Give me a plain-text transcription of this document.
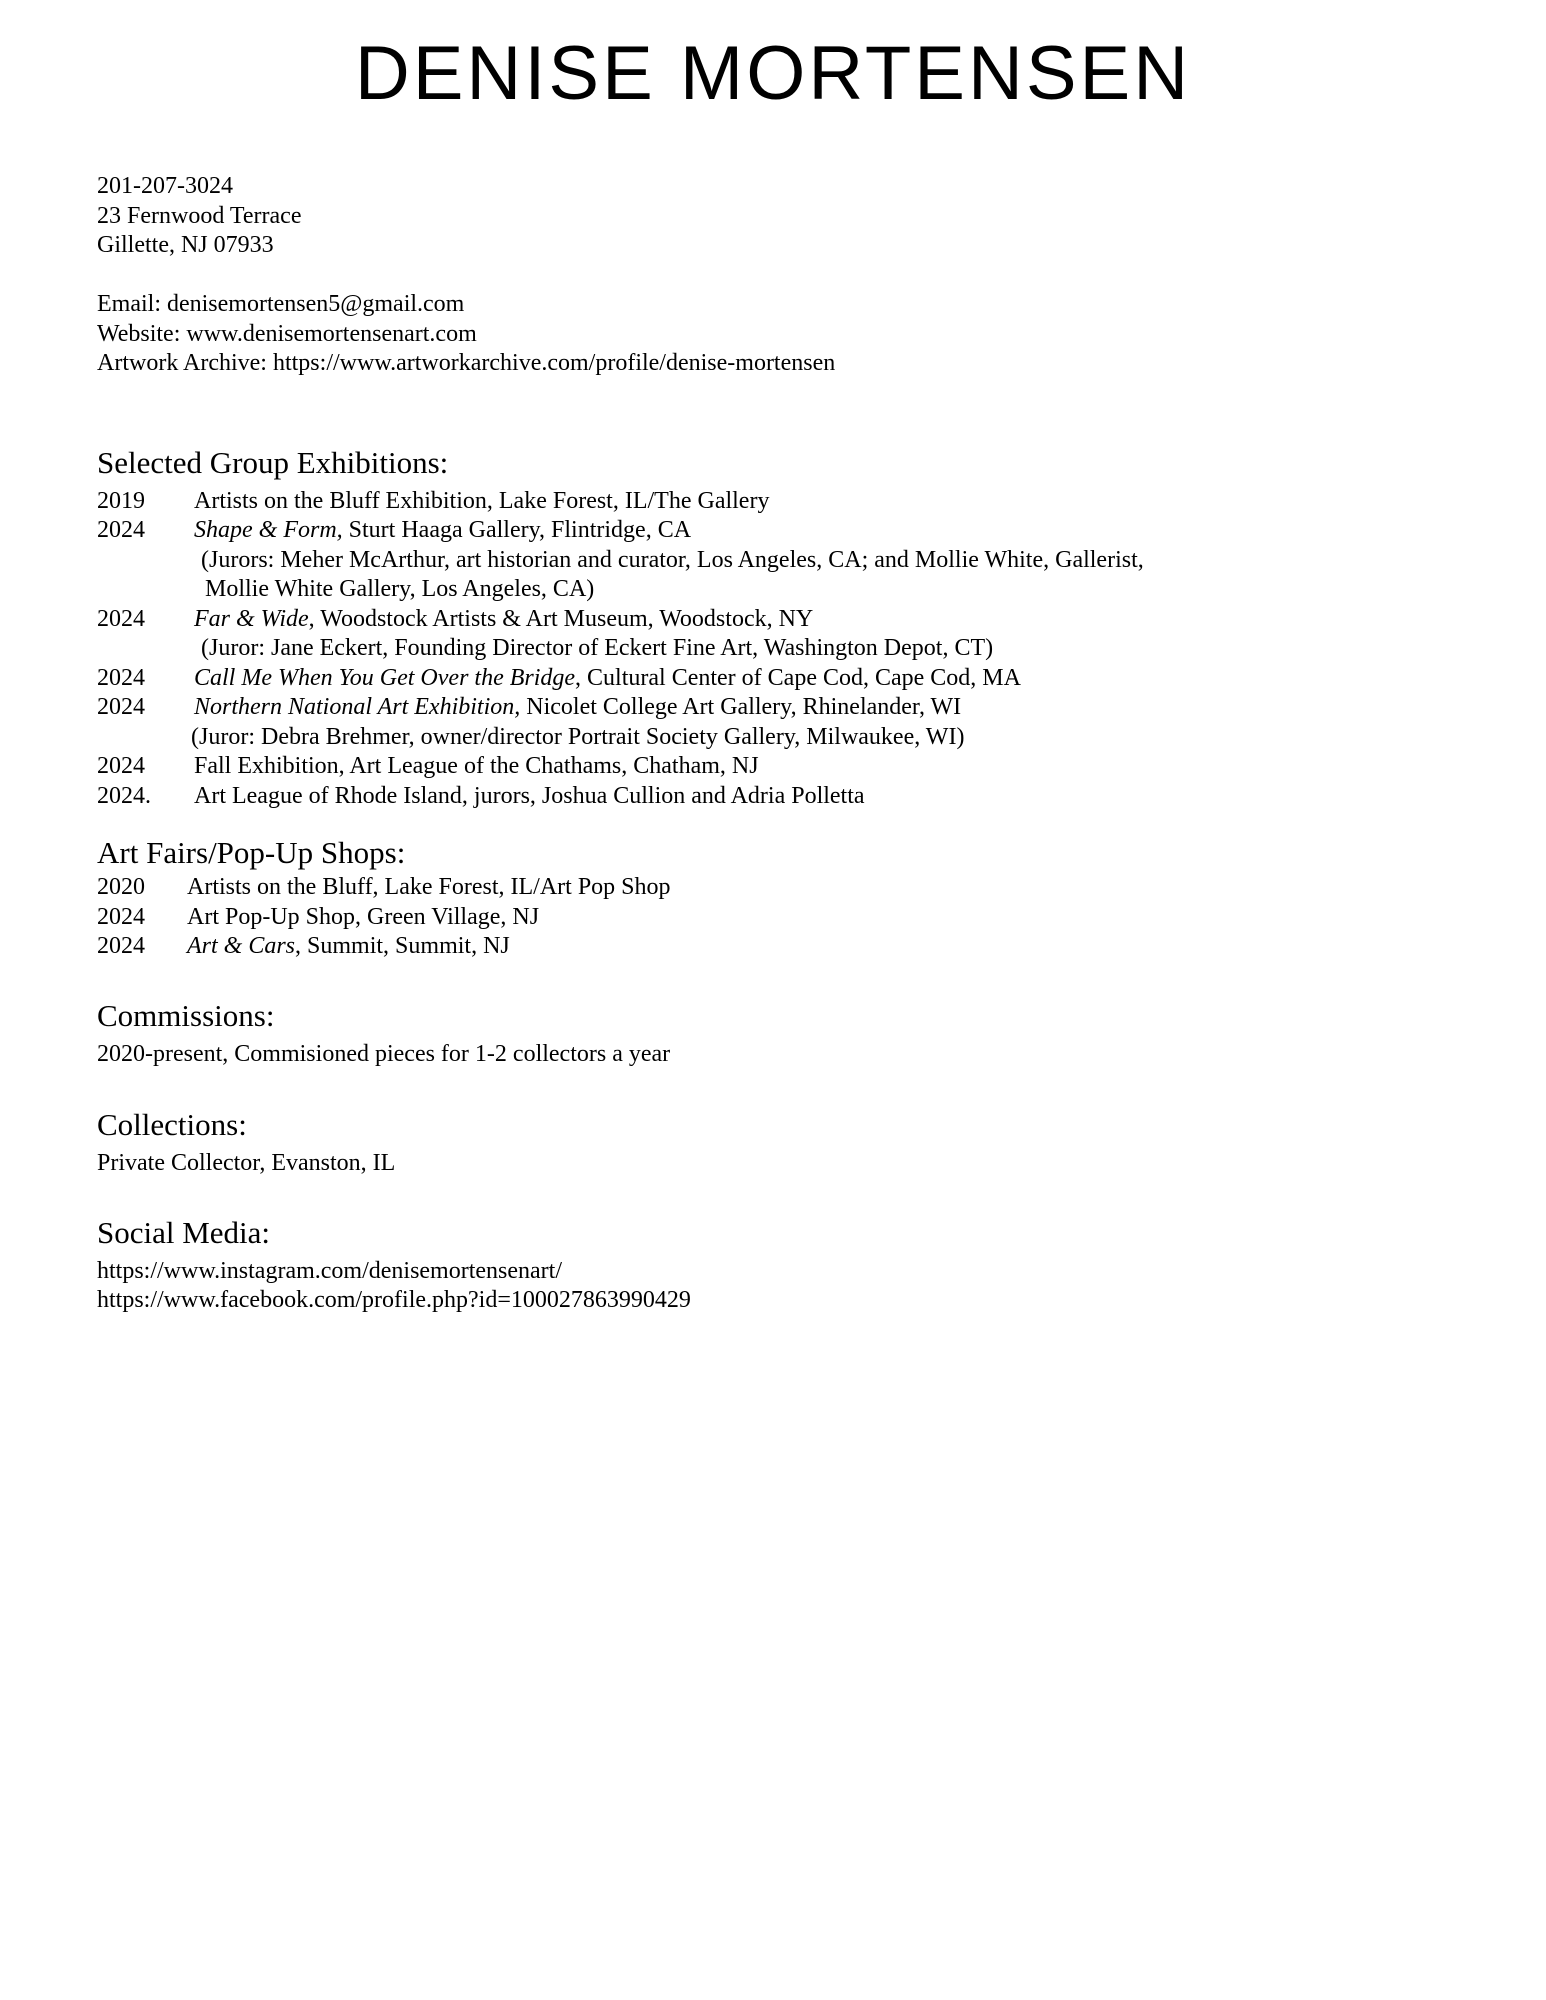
DENISE MORTENSEN
201-207-3024
23 Fernwood Terrace
Gillette, NJ 07933
Email: denisemortensen5@gmail.com
Website: www.denisemortensenart.com
Artwork Archive: https://www.artworkarchive.com/profile/denise-mortensen
Selected Group Exhibitions:
2019	Artists on the Bluff Exhibition, Lake Forest, IL/The Gallery
2024	Shape & Form, Sturt Haaga Gallery, Flintridge, CA
(Jurors: Meher McArthur, art historian and curator, Los Angeles, CA; and Mollie White, Gallerist,
Mollie White Gallery, Los Angeles, CA)
2024	Far & Wide, Woodstock Artists & Art Museum, Woodstock, NY
(Juror: Jane Eckert, Founding Director of Eckert Fine Art, Washington Depot, CT)
2024	Call Me When You Get Over the Bridge, Cultural Center of Cape Cod, Cape Cod, MA
2024	Northern National Art Exhibition, Nicolet College Art Gallery, Rhinelander, WI
(Juror: Debra Brehmer, owner/director Portrait Society Gallery, Milwaukee, WI)
2024	Fall Exhibition, Art League of the Chathams, Chatham, NJ
2024.	Art League of Rhode Island, jurors, Joshua Cullion and Adria Polletta
Art Fairs/Pop-Up Shops:
2020	Artists on the Bluff, Lake Forest, IL/Art Pop Shop
2024	Art Pop-Up Shop, Green Village, NJ
2024	Art & Cars, Summit, Summit, NJ
Commissions:
2020-present, Commisioned pieces for 1-2 collectors a year
Collections:
Private Collector, Evanston, IL
Social Media:
https://www.instagram.com/denisemortensenart/
https://www.facebook.com/profile.php?id=100027863990429
